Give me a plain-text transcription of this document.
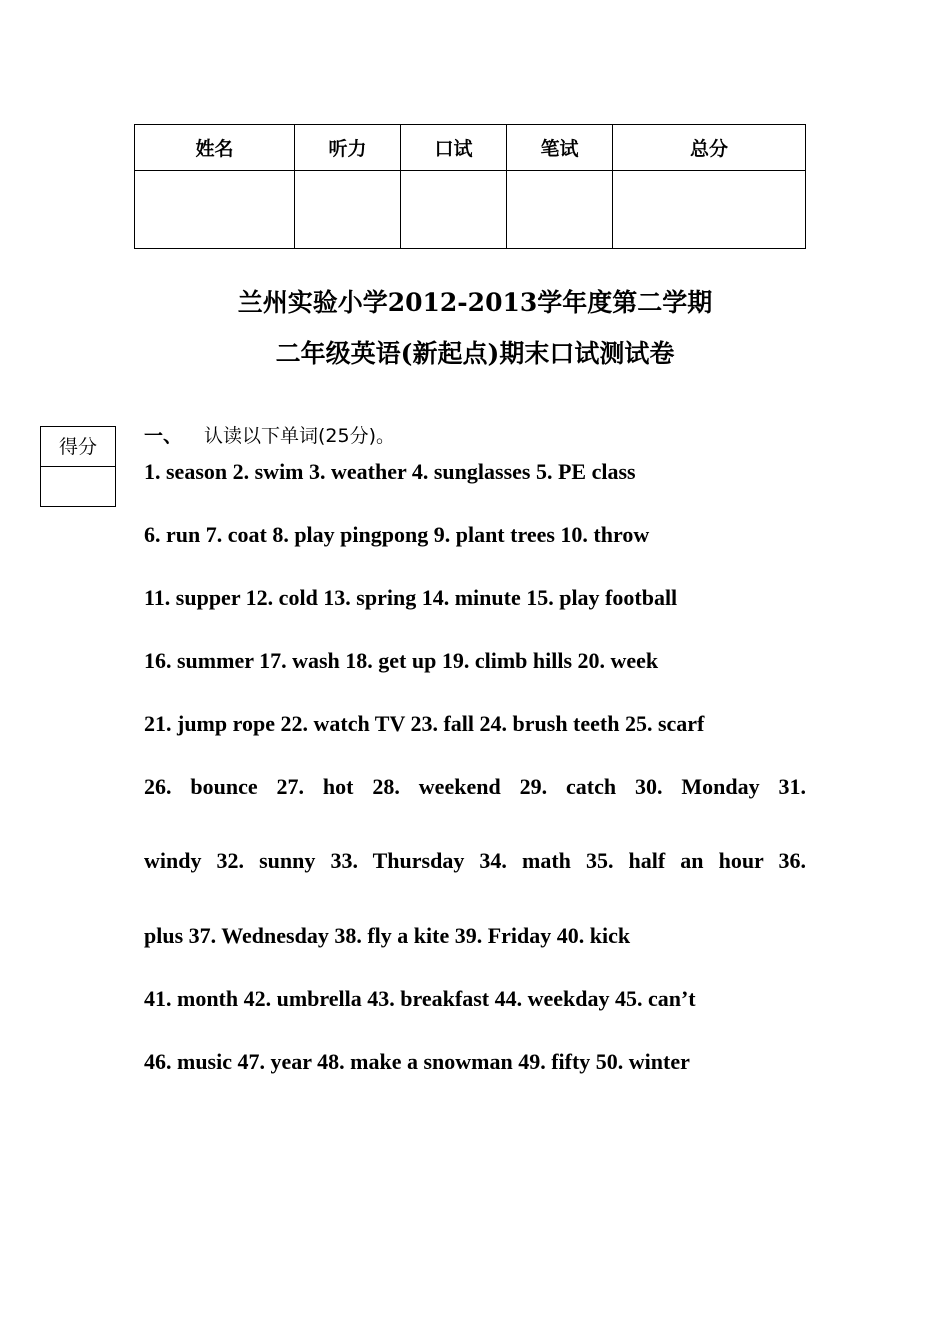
姓名	听力	口试	笔试	总分

兰州实验小学2012-2013学年度第二学期
二年级英语(新起点)期末口试测试卷
得分	一、 认读以下单词(25分)。
1. season 2. swim 3. weather 4. sunglasses 5. PE class
6. run 7. coat 8. play pingpong 9. plant trees 10. throw
11. supper 12. cold 13. spring 14. minute 15. play football
16. summer 17. wash 18. get up 19. climb hills 20. week
21. jump rope 22. watch TV 23. fall 24. brush teeth 25. scarf
26. bounce 27. hot 28. weekend 29. catch 30. Monday 31.
windy 32. sunny 33. Thursday 34. math 35. half an hour 36.
plus 37. Wednesday 38. fly a kite 39. Friday 40. kick
41. month 42. umbrella 43. breakfast 44. weekday 45. can’t
46. music 47. year 48. make a snowman 49. fifty 50. winter
